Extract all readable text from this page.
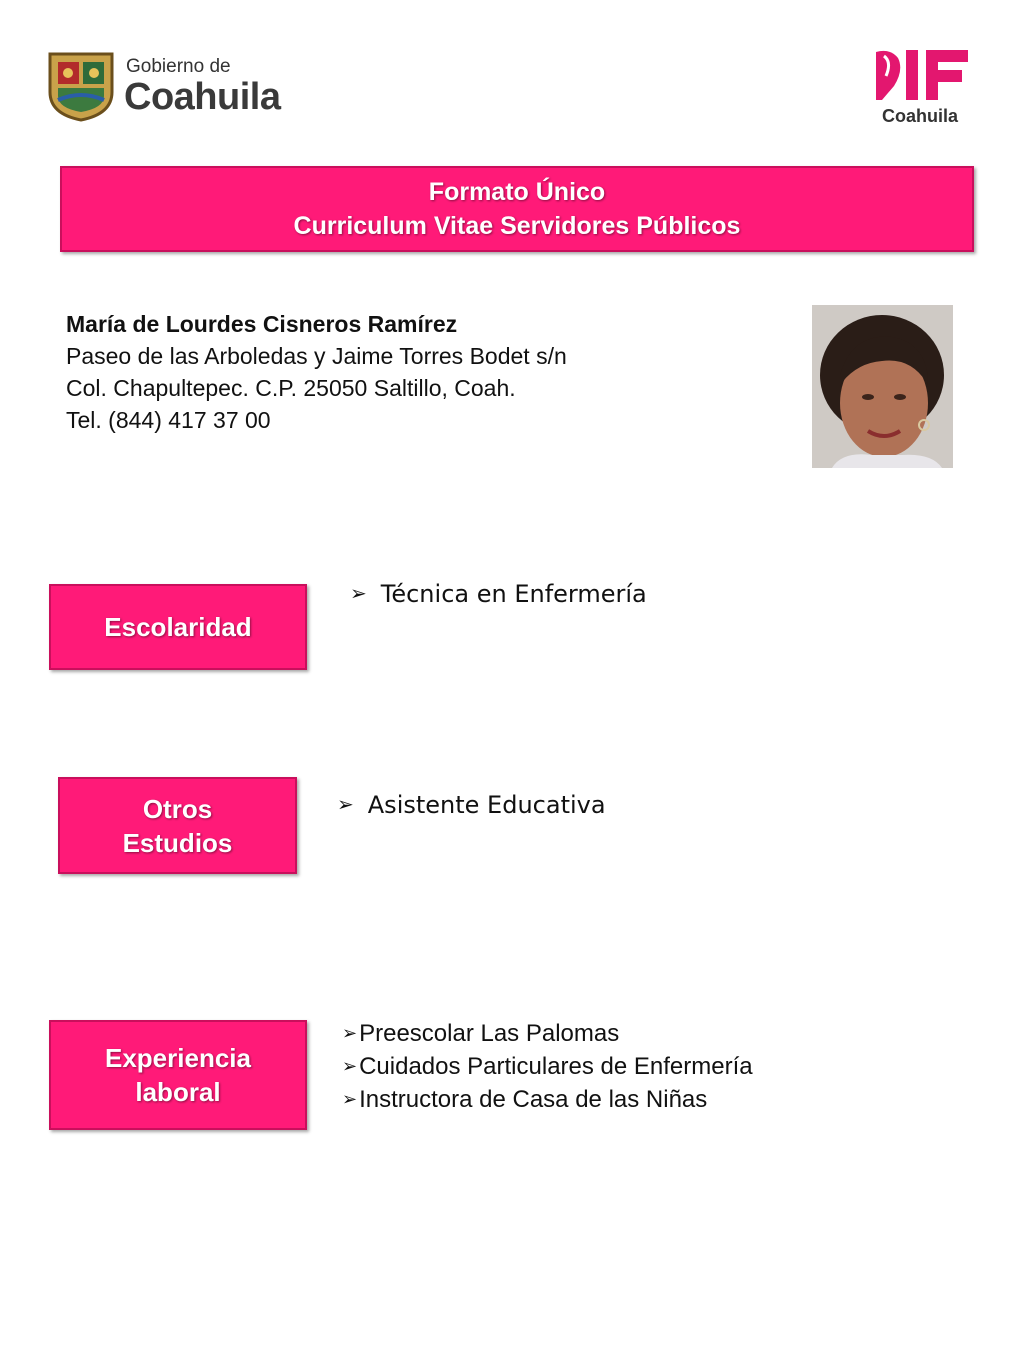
Gobierno de
Coahuila	Coahuila
Formato Único
Curriculum Vitae Servidores Públicos
María de Lourdes Cisneros Ramírez
Paseo de las Arboledas y Jaime Torres Bodet s/n
Col. Chapultepec. C.P. 25050 Saltillo, Coah.
Tel. (844) 417 37 00
Escolaridad
➢ Técnica en Enfermería
Otros
Estudios
➢ Asistente Educativa
Experiencia
laboral
➢Preescolar Las Palomas
➢Cuidados Particulares de Enfermería
➢Instructora de Casa de las Niñas
